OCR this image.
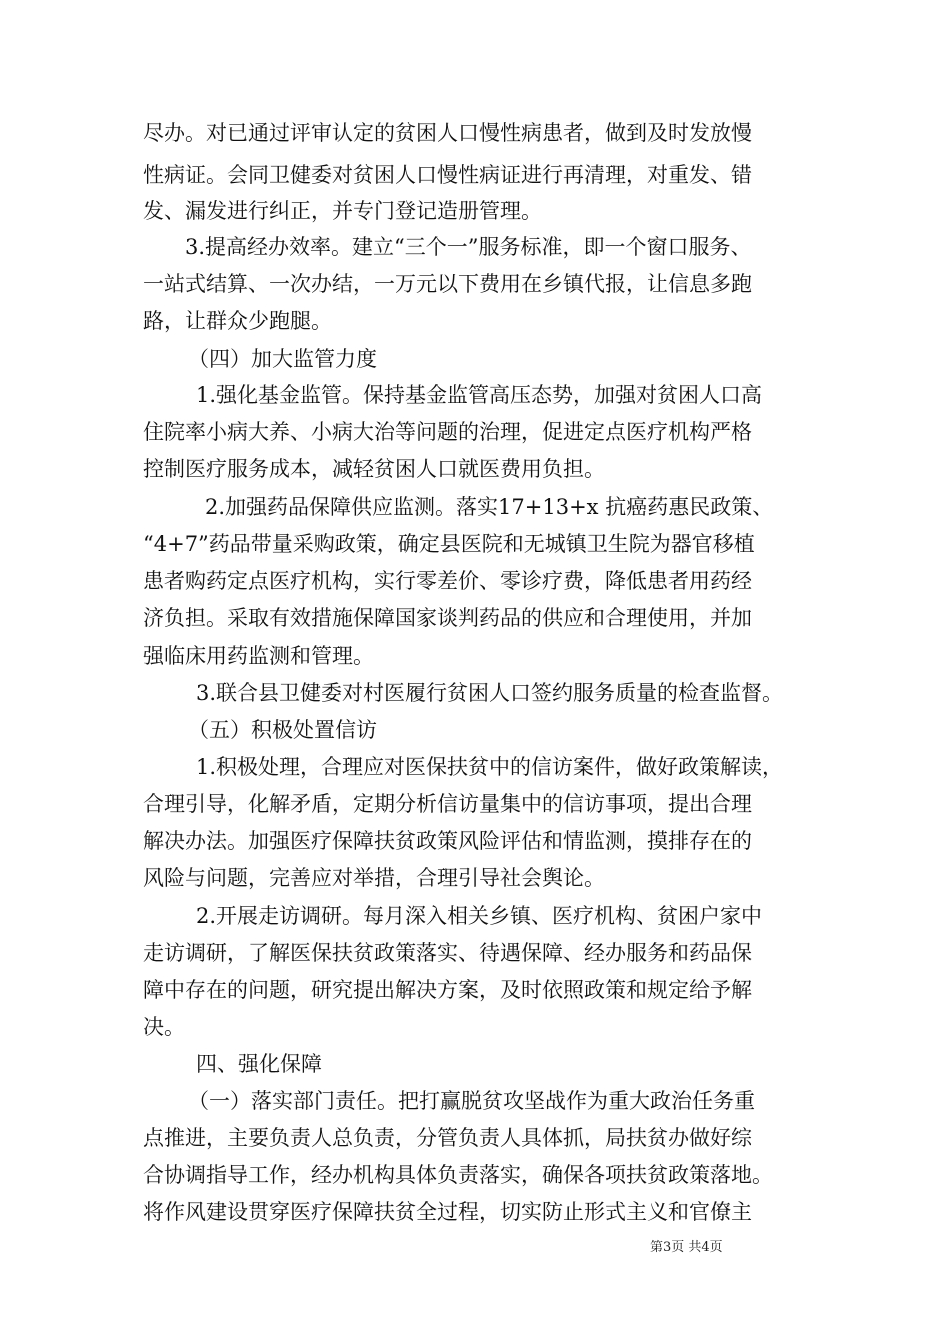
尽办。对已通过评审认定的贫困人口慢性病患者，做到及时发放慢
性病证。会同卫健委对贫困人口慢性病证进行再清理，对重发、错
发、漏发进行纠正，并专门登记造册管理。
3.提高经办效率。建立“三个一”服务标准，即一个窗口服务、
一站式结算、一次办结，一万元以下费用在乡镇代报，让信息多跑
路，让群众少跑腿。
（四）加大监管力度
1.强化基金监管。保持基金监管高压态势，加强对贫困人口高
住院率小病大养、小病大治等问题的治理，促进定点医疗机构严格
控制医疗服务成本，减轻贫困人口就医费用负担。
2.加强药品保障供应监测。落实17+13+x 抗癌药惠民政策、
“4+7”药品带量采购政策，确定县医院和无城镇卫生院为器官移植
患者购药定点医疗机构，实行零差价、零诊疗费，降低患者用药经
济负担。采取有效措施保障国家谈判药品的供应和合理使用，并加
强临床用药监测和管理。
3.联合县卫健委对村医履行贫困人口签约服务质量的检查监督。
（五）积极处置信访
1.积极处理，合理应对医保扶贫中的信访案件，做好政策解读，
合理引导，化解矛盾，定期分析信访量集中的信访事项，提出合理
解决办法。加强医疗保障扶贫政策风险评估和情监测，摸排存在的
风险与问题，完善应对举措，合理引导社会舆论。
2.开展走访调研。每月深入相关乡镇、医疗机构、贫困户家中
走访调研，了解医保扶贫政策落实、待遇保障、经办服务和药品保
障中存在的问题，研究提出解决方案，及时依照政策和规定给予解
决。
四、强化保障
（一）落实部门责任。把打赢脱贫攻坚战作为重大政治任务重
点推进，主要负责人总负责，分管负责人具体抓，局扶贫办做好综
合协调指导工作，经办机构具体负责落实，确保各项扶贫政策落地。
将作风建设贯穿医疗保障扶贫全过程，切实防止形式主义和官僚主
第3页 共4页
